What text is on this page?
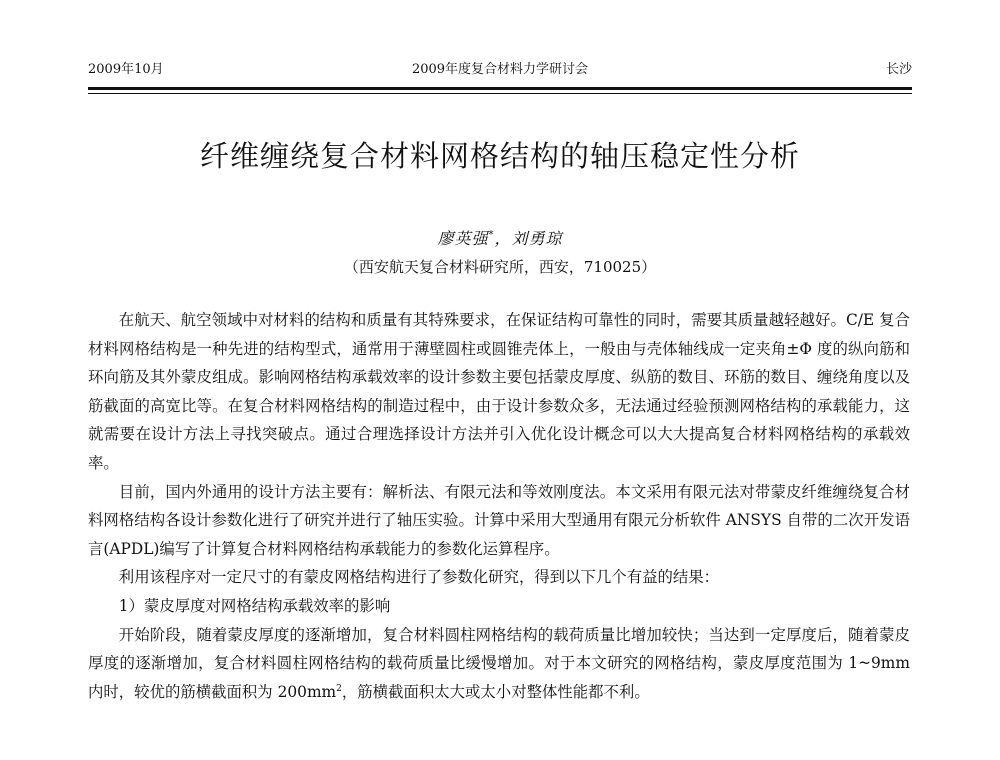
2009年10月	2009年度复合材料力学研讨会	长沙
纤维缠绕复合材料网格结构的轴压稳定性分析
廖英强*，刘勇琼
（西安航天复合材料研究所，西安，710025）

在航天、航空领域中对材料的结构和质量有其特殊要求，在保证结构可靠性的同时，需要其质量越轻越好。C/E 复合材料网格结构是一种先进的结构型式，通常用于薄壁圆柱或圆锥壳体上，一般由与壳体轴线成一定夹角±Φ 度的纵向筋和环向筋及其外蒙皮组成。影响网格结构承载效率的设计参数主要包括蒙皮厚度、纵筋的数目、环筋的数目、缠绕角度以及筋截面的高宽比等。在复合材料网格结构的制造过程中，由于设计参数众多，无法通过经验预测网格结构的承载能力，这就需要在设计方法上寻找突破点。通过合理选择设计方法并引入优化设计概念可以大大提高复合材料网格结构的承载效率。

目前，国内外通用的设计方法主要有：解析法、有限元法和等效刚度法。本文采用有限元法对带蒙皮纤维缠绕复合材料网格结构各设计参数化进行了研究并进行了轴压实验。计算中采用大型通用有限元分析软件 ANSYS 自带的二次开发语言(APDL)编写了计算复合材料网格结构承载能力的参数化运算程序。

利用该程序对一定尺寸的有蒙皮网格结构进行了参数化研究，得到以下几个有益的结果：

1）蒙皮厚度对网格结构承载效率的影响

开始阶段，随着蒙皮厚度的逐渐增加，复合材料圆柱网格结构的载荷质量比增加较快；当达到一定厚度后，随着蒙皮厚度的逐渐增加，复合材料圆柱网格结构的载荷质量比缓慢增加。对于本文研究的网格结构，蒙皮厚度范围为 1~9mm 内时，较优的筋横截面积为 $200mm^2$，筋横截面积太大或太小对整体性能都不利。
